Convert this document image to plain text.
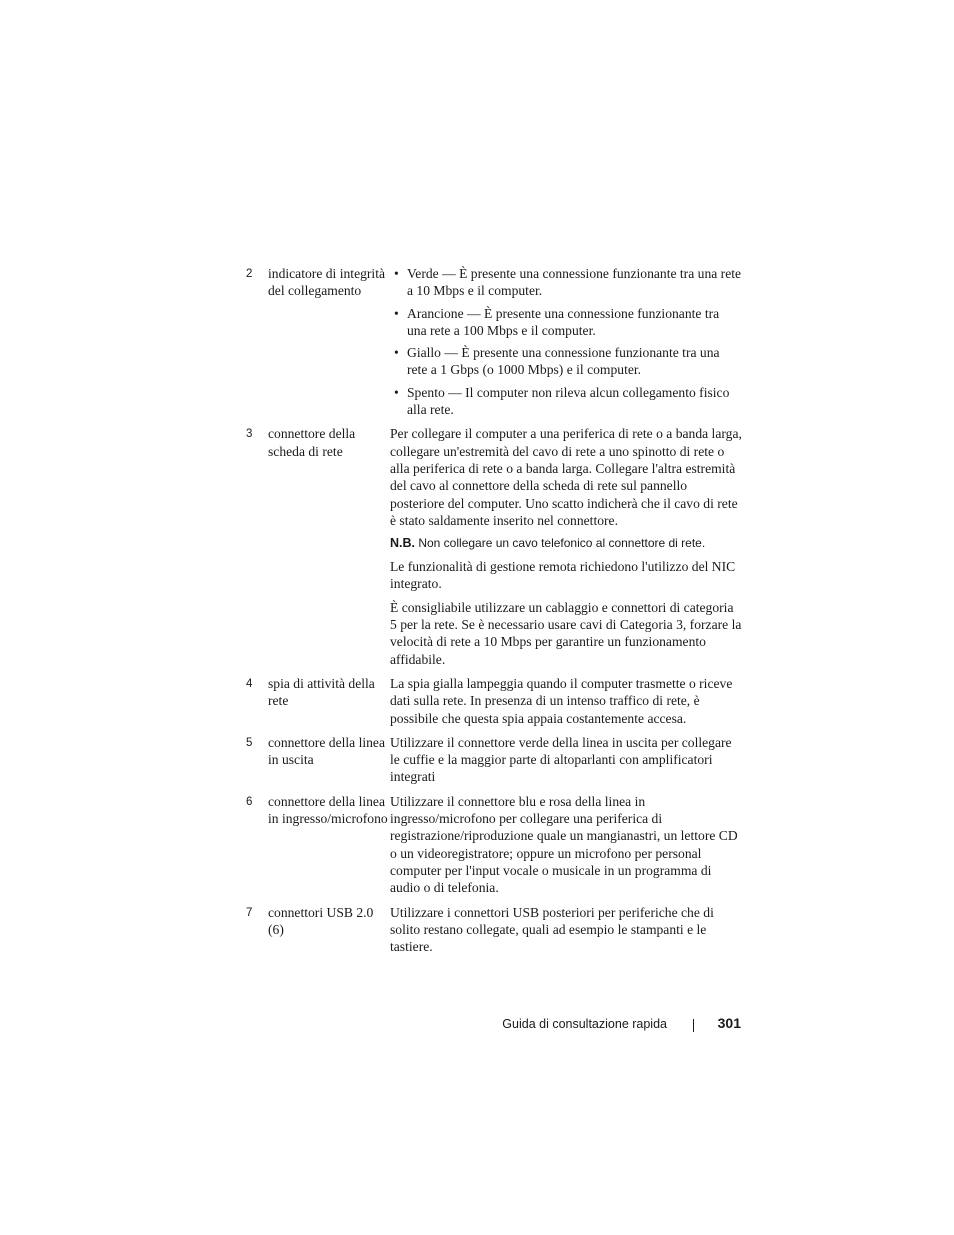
2	indicatore di integrità del collegamento
• Verde — È presente una connessione funzionante tra una rete a 10 Mbps e il computer.
• Arancione — È presente una connessione funzionante tra una rete a 100 Mbps e il computer.
• Giallo — È presente una connessione funzionante tra una rete a 1 Gbps (o 1000 Mbps) e il computer.
• Spento — Il computer non rileva alcun collegamento fisico alla rete.
3	connettore della scheda di rete

Per collegare il computer a una periferica di rete o a banda larga, collegare un'estremità del cavo di rete a uno spinotto di rete o alla periferica di rete o a banda larga. Collegare l'altra estremità del cavo al connettore della scheda di rete sul pannello posteriore del computer. Uno scatto indicherà che il cavo di rete è stato saldamente inserito nel connettore.

N.B. Non collegare un cavo telefonico al connettore di rete.

Le funzionalità di gestione remota richiedono l'utilizzo del NIC integrato.

È consigliabile utilizzare un cablaggio e connettori di categoria 5 per la rete. Se è necessario usare cavi di Categoria 3, forzare la velocità di rete a 10 Mbps per garantire un funzionamento affidabile.

4	spia di attività della rete
La spia gialla lampeggia quando il computer trasmette o riceve dati sulla rete. In presenza di un intenso traffico di rete, è possibile che questa spia appaia costantemente accesa.
5	connettore della linea in uscita
Utilizzare il connettore verde della linea in uscita per collegare le cuffie e la maggior parte di altoparlanti con amplificatori integrati
6	connettore della linea in ingresso/microfono
Utilizzare il connettore blu e rosa della linea in ingresso/microfono per collegare una periferica di registrazione/riproduzione quale un mangianastri, un lettore CD o un videoregistratore; oppure un microfono per personal computer per l'input vocale o musicale in un programma di audio o di telefonia.
7	connettori USB 2.0 (6)
Utilizzare i connettori USB posteriori per periferiche che di solito restano collegate, quali ad esempio le stampanti e le tastiere.
Guida di consultazione rapida	301
